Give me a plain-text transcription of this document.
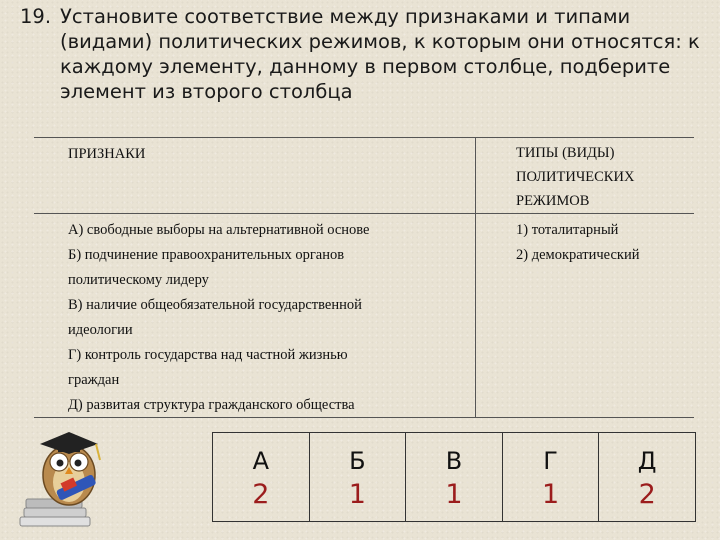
19. Установите соответствие между признаками и типами (видами) политических режимов, к которым они относятся: к каждому элементу, данному в первом столбце, подберите элемент из второго столбца
ПРИЗНАКИ	ТИПЫ (ВИДЫ)
ПОЛИТИЧЕСКИХ
РЕЖИМОВ
А) свободные выборы на альтернативной основе
Б) подчинение правоохранительных органов
политическому лидеру
В) наличие общеобязательной государственной
идеологии
Г) контроль государства над частной жизнью
граждан
Д) развитая структура гражданского общества
1) тоталитарный
2) демократический
А
2
Б
1
В
1
Г
1
Д
2
